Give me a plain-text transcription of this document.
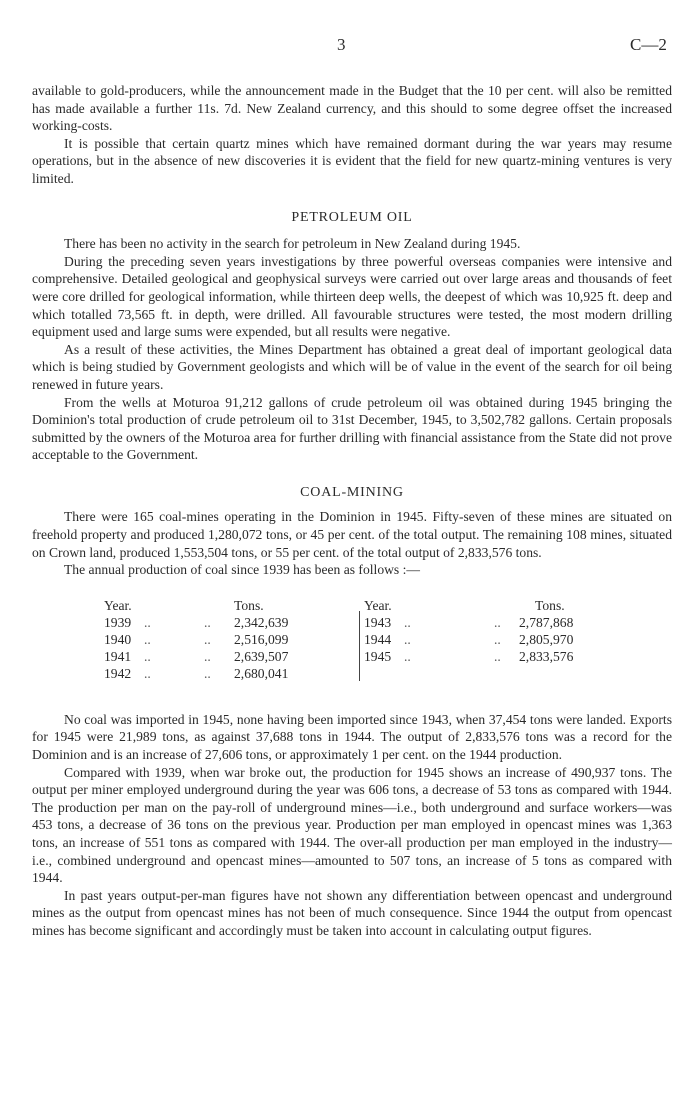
3	C—2

available to gold-producers, while the announcement made in the Budget that the 10 per cent. will also be remitted has made available a further 11s. 7d. New Zealand currency, and this should to some degree offset the increased working-costs.

It is possible that certain quartz mines which have remained dormant during the war years may resume operations, but in the absence of new discoveries it is evident that the field for new quartz-mining ventures is very limited.

PETROLEUM OIL

There has been no activity in the search for petroleum in New Zealand during 1945.

During the preceding seven years investigations by three powerful overseas companies were intensive and comprehensive. Detailed geological and geophysical surveys were carried out over large areas and thousands of feet were core drilled for geological information, while thirteen deep wells, the deepest of which was 10,925 ft. deep and which totalled 73,565 ft. in depth, were drilled. All favourable structures were tested, the most modern drilling equipment used and large sums were expended, but all results were negative.

As a result of these activities, the Mines Department has obtained a great deal of important geological data which is being studied by Government geologists and which will be of value in the event of the search for oil being renewed in future years.

From the wells at Moturoa 91,212 gallons of crude petroleum oil was obtained during 1945 bringing the Dominion's total production of crude petroleum oil to 31st December, 1945, to 3,502,782 gallons. Certain proposals submitted by the owners of the Moturoa area for further drilling with financial assistance from the State did not prove acceptable to the Government.

COAL-MINING

There were 165 coal-mines operating in the Dominion in 1945. Fifty-seven of these mines are situated on freehold property and produced 1,280,072 tons, or 45 per cent. of the total output. The remaining 108 mines, situated on Crown land, produced 1,553,504 tons, or 55 per cent. of the total output of 2,833,576 tons.

The annual production of coal since 1939 has been as follows :—

Year.	Tons.
1939 ..	.. 2,342,639
1940 ..	.. 2,516,099
1941 ..	.. 2,639,507
1942 ..	.. 2,680,041
Year.	Tons.
1943 ..	.. 2,787,868
1944 ..	.. 2,805,970
1945 ..	.. 2,833,576

No coal was imported in 1945, none having been imported since 1943, when 37,454 tons were landed. Exports for 1945 were 21,989 tons, as against 37,688 tons in 1944. The output of 2,833,576 tons was a record for the Dominion and is an increase of 27,606 tons, or approximately 1 per cent. on the 1944 production.

Compared with 1939, when war broke out, the production for 1945 shows an increase of 490,937 tons. The output per miner employed underground during the year was 606 tons, a decrease of 53 tons as compared with 1944. The production per man on the pay-roll of underground mines—i.e., both underground and surface workers—was 453 tons, a decrease of 36 tons on the previous year. Production per man employed in opencast mines was 1,363 tons, an increase of 551 tons as compared with 1944. The over-all production per man employed in the industry—i.e., combined underground and opencast mines—amounted to 507 tons, an increase of 5 tons as compared with 1944.

In past years output-per-man figures have not shown any differentiation between opencast and underground mines as the output from opencast mines has not been of much consequence. Since 1944 the output from opencast mines has become significant and accordingly must be taken into account in calculating output figures.
